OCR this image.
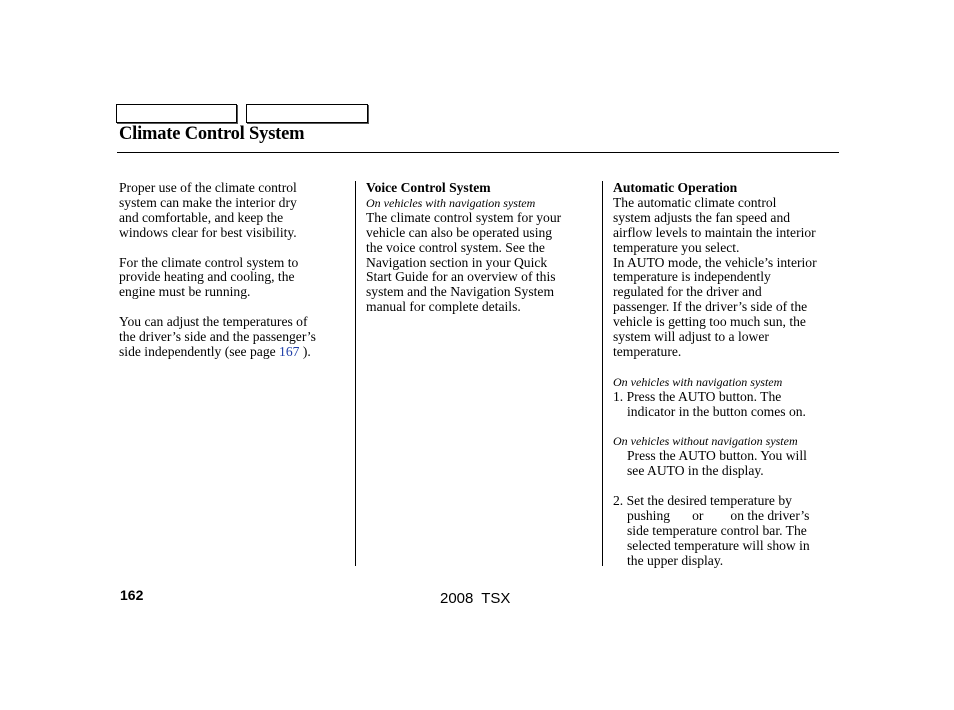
Climate Control System

Proper use of the climate control
system can make the interior dry
and comfortable, and keep the
windows clear for best visibility.

For the climate control system to
provide heating and cooling, the
engine must be running.

You can adjust the temperatures of
the driver’s side and the passenger’s
side independently (see page 167 ).

Voice Control System

On vehicles with navigation system

The climate control system for your
vehicle can also be operated using
the voice control system. See the
Navigation section in your Quick
Start Guide for an overview of this
system and the Navigation System
manual for complete details.

Automatic Operation

The automatic climate control
system adjusts the fan speed and
airflow levels to maintain the interior
temperature you select.

In AUTO mode, the vehicle’s interior
temperature is independently
regulated for the driver and
passenger. If the driver’s side of the
vehicle is getting too much sun, the
system will adjust to a lower
temperature.

On vehicles with navigation system

1. Press the AUTO button. The
indicator in the button comes on.

On vehicles without navigation system

Press the AUTO button. You will
see AUTO in the display.

2. Set the desired temperature by
pushing or on the driver’s
side temperature control bar. The
selected temperature will show in
the upper display.

162	2008 TSX
